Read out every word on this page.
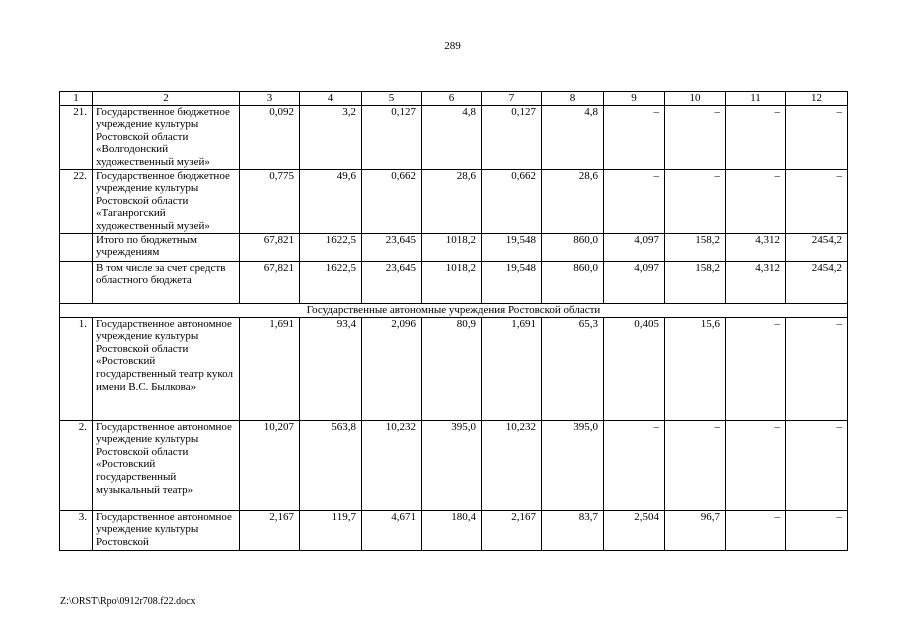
289
1	2	3	4	5	6	7	8	9	10	11	12
21.	Государственное бюджетное учреждение культуры Ростовской области «Волгодонский художественный музей»	0,092	3,2	0,127	4,8	0,127	4,8	–	–	–	–
22.	Государственное бюджетное учреждение культуры Ростовской области «Таганрогский художественный музей»	0,775	49,6	0,662	28,6	0,662	28,6	–	–	–	–
	Итого по бюджетным учреждениям	67,821	1622,5	23,645	1018,2	19,548	860,0	4,097	158,2	4,312	2454,2
	В том числе за счет средств областного бюджета	67,821	1622,5	23,645	1018,2	19,548	860,0	4,097	158,2	4,312	2454,2
Государственные автономные учреждения Ростовской области											
1.	Государственное автономное учреждение культуры Ростовской области «Ростовский государственный театр кукол имени В.С. Былкова»	1,691	93,4	2,096	80,9	1,691	65,3	0,405	15,6	–	–
2.	Государственное автономное учреждение культуры Ростовской области «Ростовский государственный музыкальный театр»	10,207	563,8	10,232	395,0	10,232	395,0	–	–	–	–
3.	Государственное автономное учреждение культуры Ростовской	2,167	119,7	4,671	180,4	2,167	83,7	2,504	96,7	–	–
Z:\ORST\Rpo\0912r708.f22.docx
